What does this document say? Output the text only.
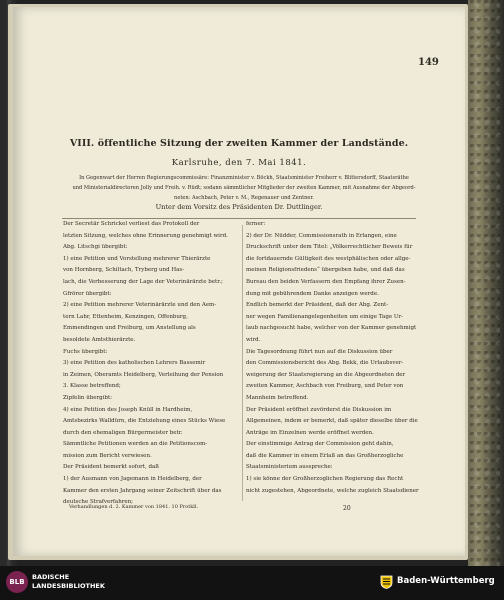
149
VIII. öffentliche Sitzung der zweiten Kammer der Landstände.
Karlsruhe, den 7. Mai 1841.
In Gegenwart der Herren Regierungscommissäre: Finanzminister v. Böckh, Staatsminister Freiherr v. Blittersdorff, Staatsräthe
und Ministerialdirectoren Jolly und Freih. v. Rüdt; sodann sämmtlicher Mitglieder der zweiten Kammer, mit Ausnahme der Abgeord-
neten: Aschbach, Peter v. M., Regenauer und Zentner.
Unter dem Vorsitz des Präsidenten Dr. Duttlinger.
Der Secretär Schrickel verliest das Protokoll der
letzten Sitzung, welches ohne Erinnerung genehmigt wird.
Abg. Litschgi übergibt:
1) eine Petition und Vorstellung mehrerer Thierärzte
von Hornberg, Schiltach, Tryberg und Has-
lach, die Verbesserung der Lage der Veterinärärzte betr.;
Gfrörer übergibt:
2) eine Petition mehrerer Veterinärärzte und den Aem-
tern Lahr, Ettenheim, Kenzingen, Offenburg,
Emmendingen und Freiburg, um Anstellung als
besoldete Amtsthierärzte.
Fuchs übergibt:
3) eine Petition des katholischen Lehrers Bassemir
in Zeimen, Oberamts Heidelberg, Verleihung der Pension
3. Klasse betreffend;
Zipfelin übergibt:
4) eine Petition des Joseph Knüll in Hardheim,
Amtsbezirks Walldürn, die Entziehung eines Stücks Wiese
durch den ehemaligen Bürgermeister betr.
Sämmtliche Petitionen werden an die Petitionscom-
mission zum Bericht verwiesen.
Der Präsident bemerkt sofort, daß
1) der Ausmann von Jagemann in Heidelberg, der
Kammer den ersten Jahrgang seiner Zeitschrift über das
deutsche Strafverfahren;
ferner:
2) der Dr. Nüdder, Commissionsrath in Erlangen, eine
Druckschrift unter dem Titel: „Völkerrechtlicher Beweis für
die fortdauernde Gültigkeit des westphälischen oder allge-
meinen Religionsfriedens“ übergeben habe, und daß das
Bureau den beiden Verfassern den Empfang ihrer Zusen-
dung mit gebührendem Danke anzeigen werde.
Endlich bemerkt der Präsident, daß der Abg. Zent-
ner wegen Familienangelegenheiten um einige Tage Ur-
laub nachgesucht habe, welcher von der Kammer genehmigt
wird.
Die Tagesordnung führt nun auf die Diskussion über
den Commissionsbericht des Abg. Bekk, die Urlaubsver-
weigerung der Staatsregierung an die Abgeordneten der
zweiten Kammer, Aschbach von Freiburg, und Peter von
Mannheim betreffend.
Der Präsident eröffnet zuvörderst die Diskussion im
Allgemeinen, indem er bemerkt, daß später dieselbe über die
Anträge im Einzelnen werde eröffnet werden.
Der einstimmige Antrag der Commission geht dahin,
daß die Kammer in einem Erlaß an das Großherzogliche
Staatsministerium ausspreche:
1) sie könne der Großherzoglichen Regierung das Recht
nicht zugestehen, Abgeordnete, welche zugleich Staatsdiener
Verhandlungen d. 2. Kammer von 1841. 10 Protkll.	20
BLB
BADISCHE
LANDESBIBLIOTHEK	Baden-Württemberg
